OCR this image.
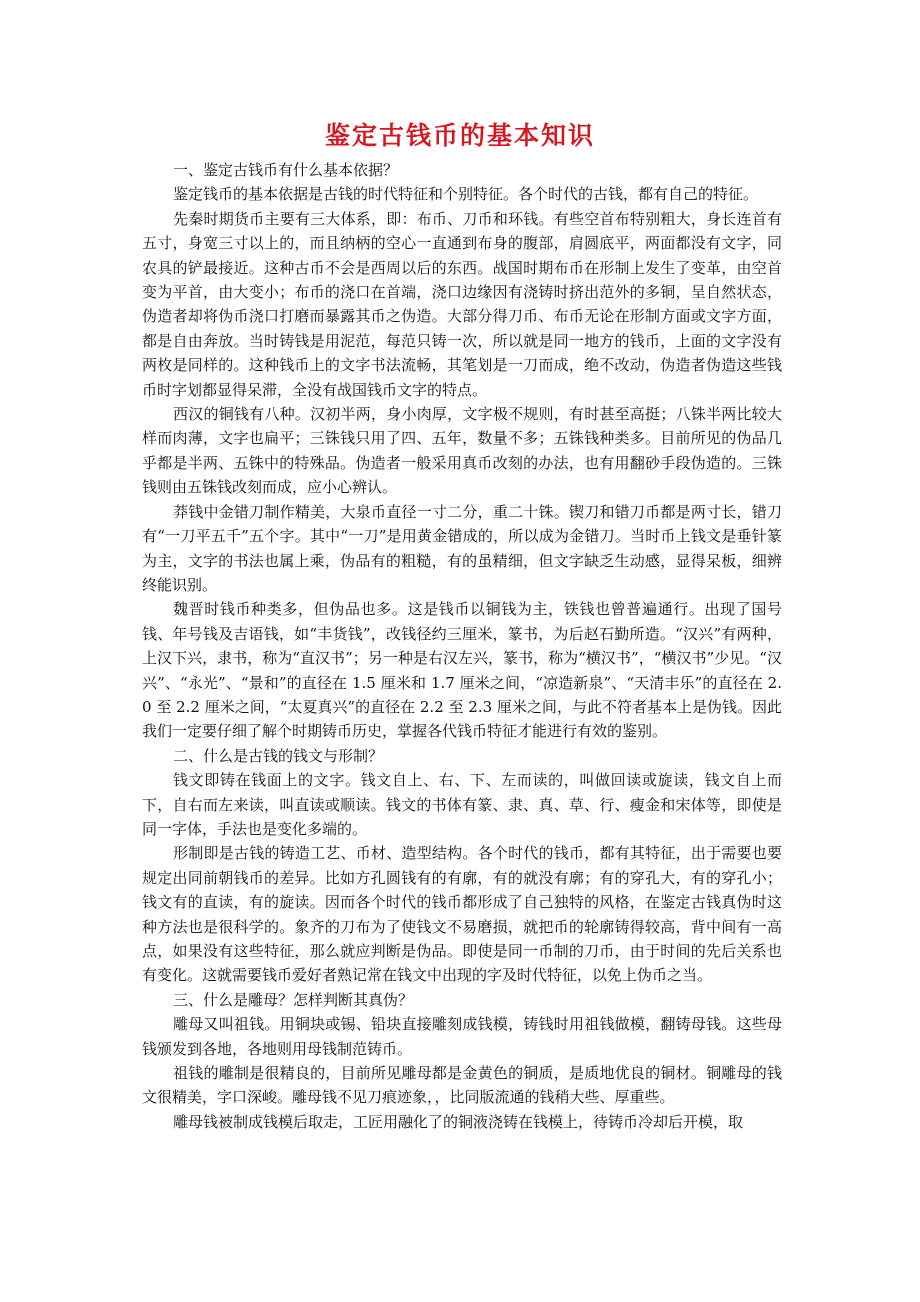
鉴定古钱币的基本知识

一、鉴定古钱币有什么基本依据？

鉴定钱币的基本依据是古钱的时代特征和个别特征。各个时代的古钱，都有自己的特征。

先秦时期货币主要有三大体系，即：布币、刀币和环钱。有些空首布特别粗大，身长连首有五寸，身宽三寸以上的，而且纳柄的空心一直通到布身的腹部，肩圆底平，两面都没有文字，同农具的铲最接近。这种古币不会是西周以后的东西。战国时期布币在形制上发生了变革，由空首变为平首，由大变小；布币的浇口在首端，浇口边缘因有浇铸时挤出范外的多铜，呈自然状态，伪造者却将伪币浇口打磨而暴露其币之伪造。大部分得刀币、布币无论在形制方面或文字方面，都是自由奔放。当时铸钱是用泥范，每范只铸一次，所以就是同一地方的钱币，上面的文字没有两枚是同样的。这种钱币上的文字书法流畅，其笔划是一刀而成，绝不改动，伪造者伪造这些钱币时字划都显得呆滞，全没有战国钱币文字的特点。

西汉的铜钱有八种。汉初半两，身小肉厚，文字极不规则，有时甚至高挺；八铢半两比较大样而肉薄，文字也扁平；三铢钱只用了四、五年，数量不多；五铢钱种类多。目前所见的伪品几乎都是半两、五铢中的特殊品。伪造者一般采用真币改刻的办法，也有用翻砂手段伪造的。三铢钱则由五铢钱改刻而成，应小心辨认。

莽钱中金错刀制作精美，大泉币直径一寸二分，重二十铢。锲刀和错刀币都是两寸长，错刀有“一刀平五千”五个字。其中“一刀”是用黄金错成的，所以成为金错刀。当时币上钱文是垂针篆为主，文字的书法也属上乘，伪品有的粗糙，有的虽精细，但文字缺乏生动感，显得呆板，细辨终能识别。

魏晋时钱币种类多，但伪品也多。这是钱币以铜钱为主，铁钱也曾普遍通行。出现了国号钱、年号钱及吉语钱，如“丰货钱”，改钱径约三厘米，篆书，为后赵石勤所造。“汉兴”有两种，上汉下兴，隶书，称为“直汉书”；另一种是右汉左兴，篆书，称为“横汉书”，“横汉书”少见。“汉兴”、“永光”、“景和”的直径在 1.5 厘米和 1.7 厘米之间，“凉造新泉”、“天清丰乐”的直径在 2.0 至 2.2 厘米之间，“太夏真兴”的直径在 2.2 至 2.3 厘米之间，与此不符者基本上是伪钱。因此我们一定要仔细了解个时期铸币历史，掌握各代钱币特征才能进行有效的鉴别。

二、什么是古钱的钱文与形制？

钱文即铸在钱面上的文字。钱文自上、右、下、左而读的，叫做回读或旋读，钱文自上而下，自右而左来读，叫直读或顺读。钱文的书体有篆、隶、真、草、行、瘦金和宋体等，即使是同一字体，手法也是变化多端的。

形制即是古钱的铸造工艺、币材、造型结构。各个时代的钱币，都有其特征，出于需要也要规定出同前朝钱币的差异。比如方孔圆钱有的有廓，有的就没有廓；有的穿孔大，有的穿孔小；钱文有的直读，有的旋读。因而各个时代的钱币都形成了自己独特的风格，在鉴定古钱真伪时这种方法也是很科学的。象齐的刀布为了使钱文不易磨损，就把币的轮廓铸得较高，背中间有一高点，如果没有这些特征，那么就应判断是伪品。即使是同一币制的刀币，由于时间的先后关系也有变化。这就需要钱币爱好者熟记常在钱文中出现的字及时代特征，以免上伪币之当。

三、什么是雕母？怎样判断其真伪？

雕母又叫祖钱。用铜块或锡、铅块直接雕刻成钱模，铸钱时用祖钱做模，翻铸母钱。这些母钱颁发到各地，各地则用母钱制范铸币。

祖钱的雕制是很精良的，目前所见雕母都是金黄色的铜质，是质地优良的铜材。铜雕母的钱文很精美，字口深峻。雕母钱不见刀痕迹象，，比同版流通的钱稍大些、厚重些。

雕母钱被制成钱模后取走，工匠用融化了的铜液浇铸在钱模上，待铸币冷却后开模，取
